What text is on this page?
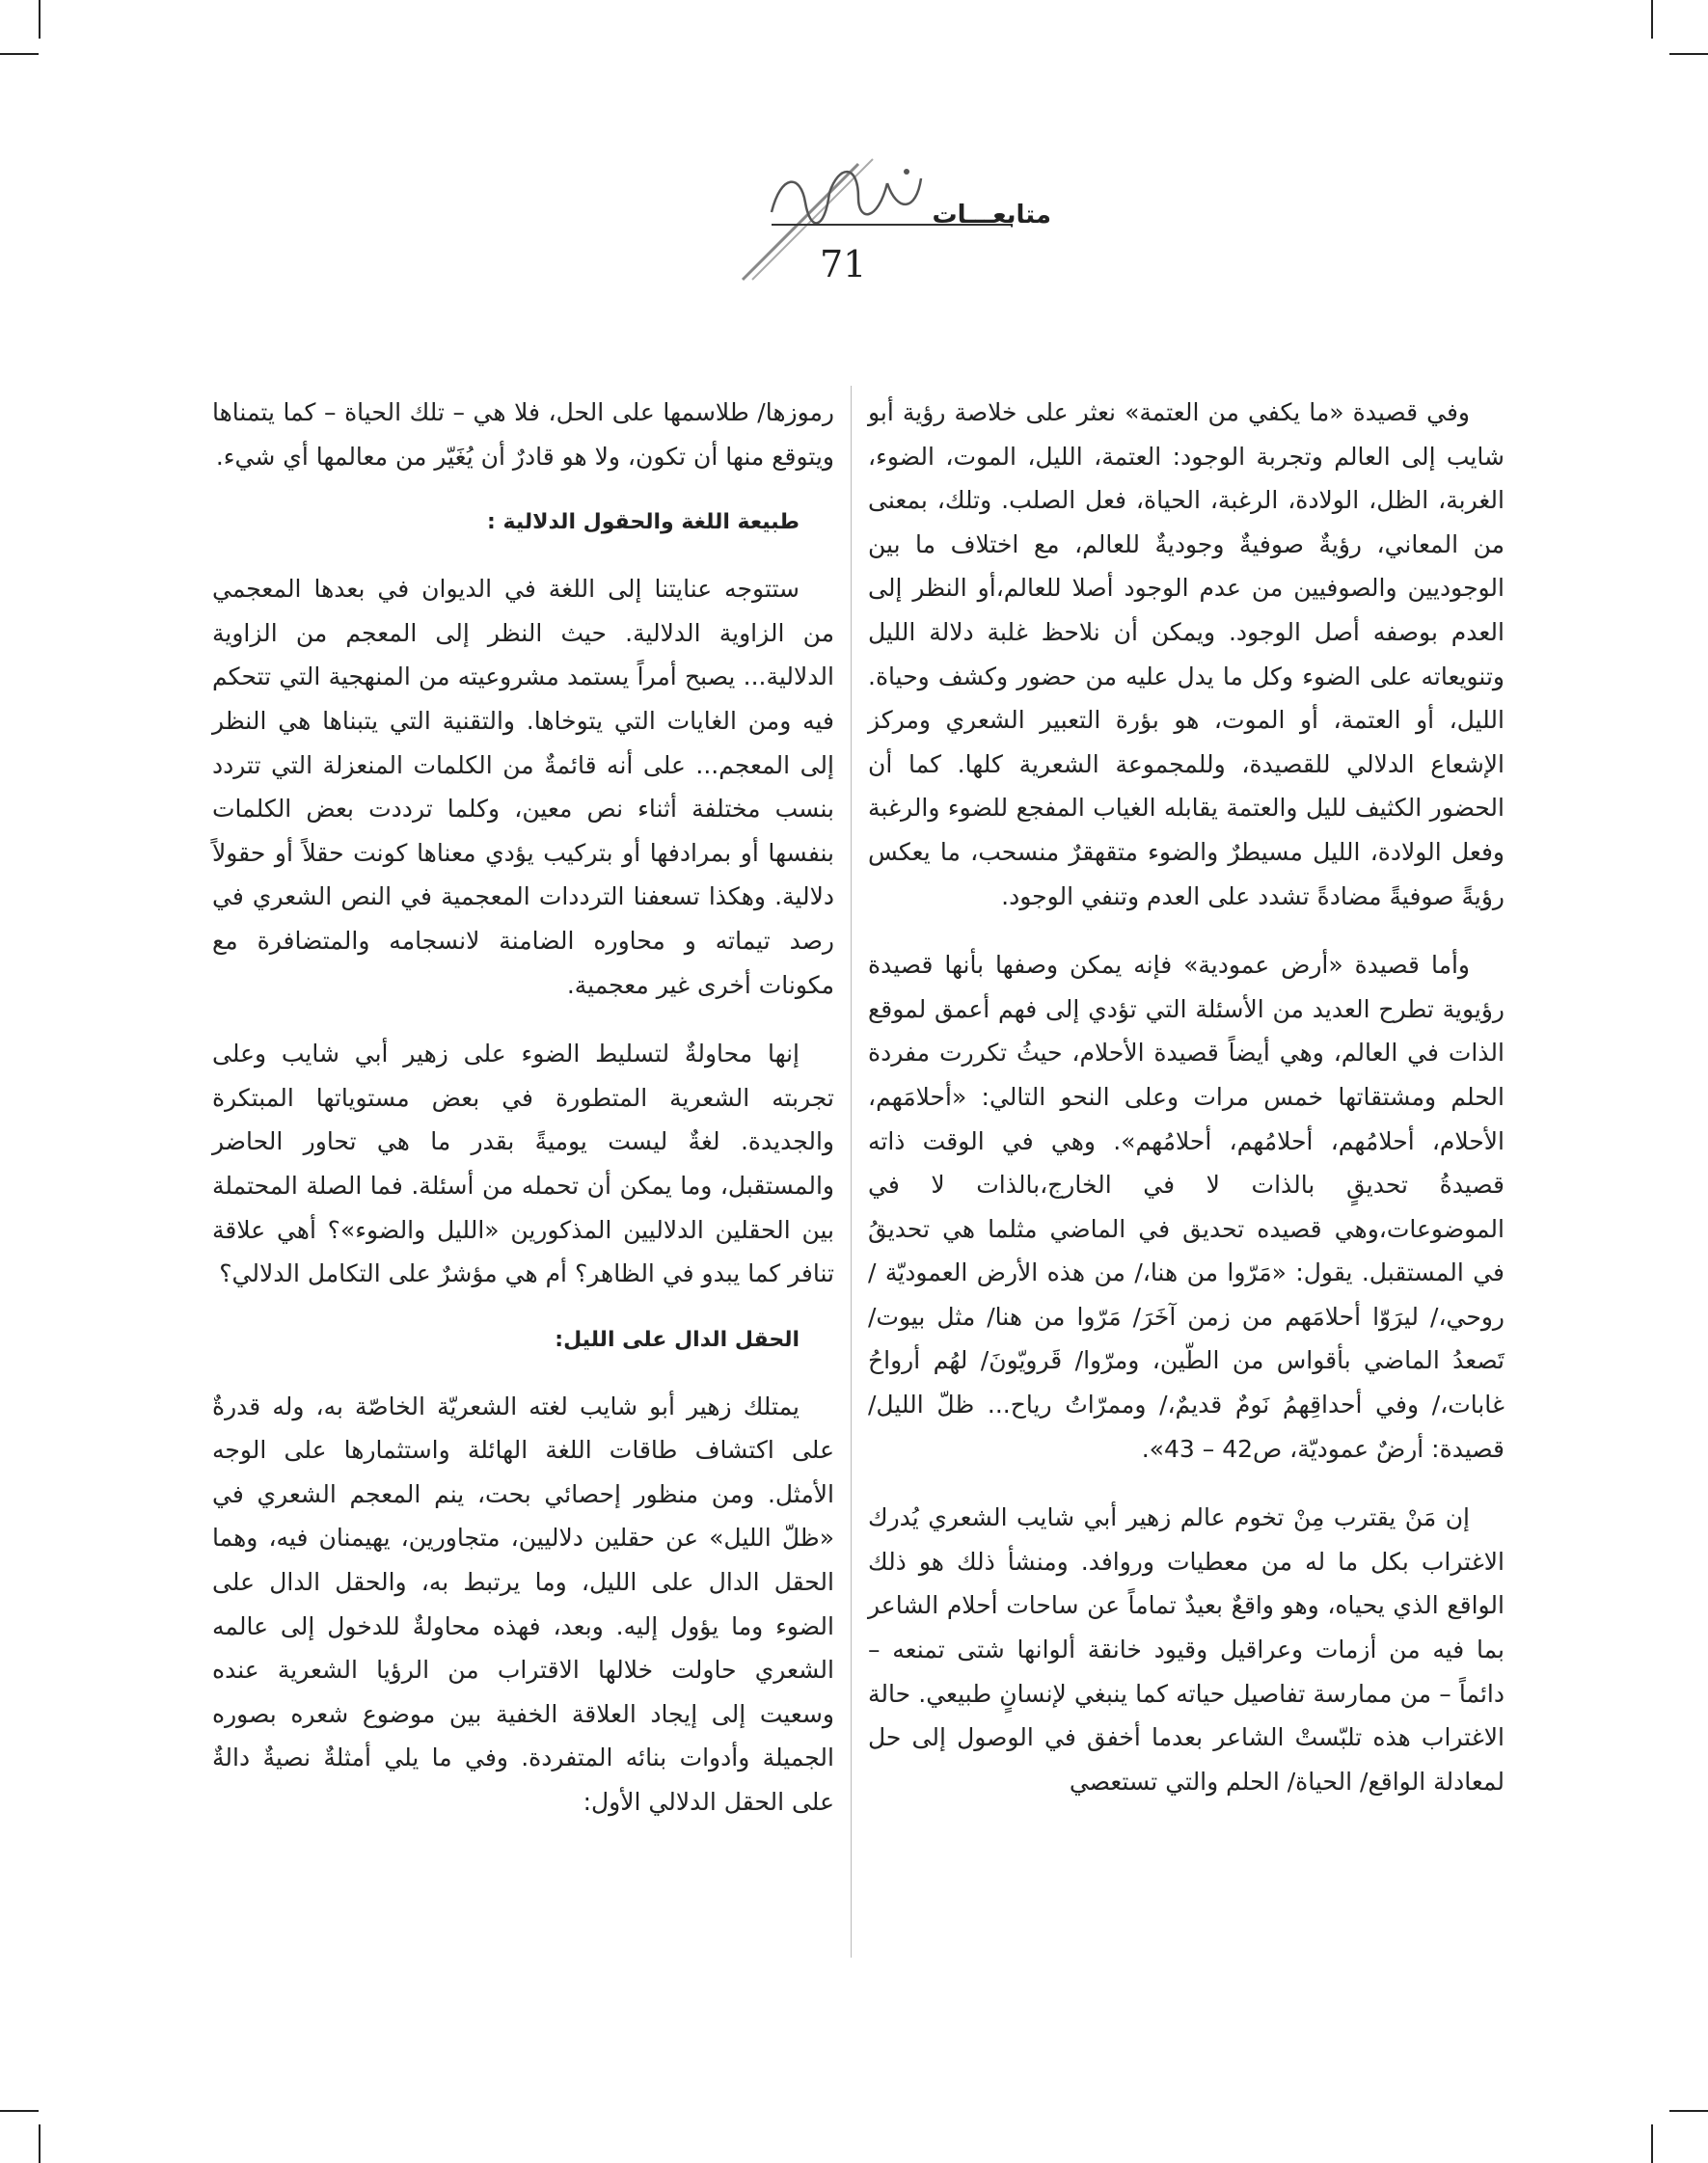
متابعـــات
71

وفي قصيدة «ما يكفي من العتمة» نعثر على خلاصة رؤية أبو شايب إلى العالم وتجربة الوجود: العتمة، الليل، الموت، الضوء، الغربة، الظل، الولادة، الرغبة، الحياة، فعل الصلب. وتلك، بمعنى من المعاني، رؤيةٌ صوفيةٌ وجوديةٌ للعالم، مع اختلاف ما بين الوجوديين والصوفيين من عدم الوجود أصلا للعالم،أو النظر إلى العدم بوصفه أصل الوجود. ويمكن أن نلاحظ غلبة دلالة الليل وتنويعاته على الضوء وكل ما يدل عليه من حضور وكشف وحياة. الليل، أو العتمة، أو الموت، هو بؤرة التعبير الشعري ومركز الإشعاع الدلالي للقصيدة، وللمجموعة الشعرية كلها. كما أن الحضور الكثيف لليل والعتمة يقابله الغياب المفجع للضوء والرغبة وفعل الولادة، الليل مسيطرٌ والضوء متقهقرٌ منسحب، ما يعكس رؤيةً صوفيةً مضادةً تشدد على العدم وتنفي الوجود.

وأما قصيدة «أرض عمودية» فإنه يمكن وصفها بأنها قصيدة رؤيوية تطرح العديد من الأسئلة التي تؤدي إلى فهم أعمق لموقع الذات في العالم، وهي أيضاً قصيدة الأحلام، حيثُ تكررت مفردة الحلم ومشتقاتها خمس مرات وعلى النحو التالي: «أحلامَهم، الأحلام، أحلامُهم، أحلامُهم، أحلامُهم». وهي في الوقت ذاته قصيدةُ تحديقٍ بالذات لا في الخارج،بالذات لا في الموضوعات،وهي قصيده تحديق في الماضي مثلما هي تحديقُ في المستقبل. يقول: «مَرّوا من هنا،/ من هذه الأرض العموديّة / روحي،/ ليرَوّا أحلامَهم من زمن آخَرَ/ مَرّوا من هنا/ مثل بيوت/ تَصعدُ الماضي بأقواس من الطّين، ومرّوا/ قَرويّونَ/ لهُم أرواحُ غابات،/ وفي أحداقِهمُ نَومٌ قديمٌ،/ وممرّاتُ رياح... ظلّ الليل/ قصيدة: أرضٌ عموديّة، ص42 – 43».

إن مَنْ يقترب مِنْ تخوم عالم زهير أبي شايب الشعري يُدرك الاغتراب بكل ما له من معطيات وروافد. ومنشأ ذلك هو ذلك الواقع الذي يحياه، وهو واقعٌ بعيدٌ تماماً عن ساحات أحلام الشاعر بما فيه من أزمات وعراقيل وقيود خانقة ألوانها شتى تمنعه – دائماً – من ممارسة تفاصيل حياته كما ينبغي لإنسانٍ طبيعي. حالة الاغتراب هذه تلبّستْ الشاعر بعدما أخفق في الوصول إلى حل لمعادلة الواقع/ الحياة/ الحلم والتي تستعصي

رموزها/ طلاسمها على الحل، فلا هي – تلك الحياة – كما يتمناها ويتوقع منها أن تكون، ولا هو قادرٌ أن يُغَيّر من معالمها أي شيء.

طبيعة اللغة والحقول الدلالية :

ستتوجه عنايتنا إلى اللغة في الديوان في بعدها المعجمي من الزاوية الدلالية. حيث النظر إلى المعجم من الزاوية الدلالية... يصبح أمراً يستمد مشروعيته من المنهجية التي تتحكم فيه ومن الغايات التي يتوخاها. والتقنية التي يتبناها هي النظر إلى المعجم... على أنه قائمةٌ من الكلمات المنعزلة التي تتردد بنسب مختلفة أثناء نص معين، وكلما ترددت بعض الكلمات بنفسها أو بمرادفها أو بتركيب يؤدي معناها كونت حقلاً أو حقولاً دلالية. وهكذا تسعفنا الترددات المعجمية في النص الشعري في رصد تيماته و محاوره الضامنة لانسجامه والمتضافرة مع مكونات أخرى غير معجمية.

إنها محاولةٌ لتسليط الضوء على زهير أبي شايب وعلى تجربته الشعرية المتطورة في بعض مستوياتها المبتكرة والجديدة. لغةٌ ليست يوميةً بقدر ما هي تحاور الحاضر والمستقبل، وما يمكن أن تحمله من أسئلة. فما الصلة المحتملة بين الحقلين الدلاليين المذكورين «الليل والضوء»؟ أهي علاقة تنافر كما يبدو في الظاهر؟ أم هي مؤشرٌ على التكامل الدلالي؟

الحقل الدال على الليل:

يمتلك زهير أبو شايب لغته الشعريّة الخاصّة به، وله قدرةٌ على اكتشاف طاقات اللغة الهائلة واستثمارها على الوجه الأمثل. ومن منظور إحصائي بحت، ينم المعجم الشعري في «ظلّ الليل» عن حقلين دلاليين، متجاورين، يهيمنان فيه، وهما الحقل الدال على الليل، وما يرتبط به، والحقل الدال على الضوء وما يؤول إليه. وبعد، فهذه محاولةٌ للدخول إلى عالمه الشعري حاولت خلالها الاقتراب من الرؤيا الشعرية عنده وسعيت إلى إيجاد العلاقة الخفية بين موضوع شعره بصوره الجميلة وأدوات بنائه المتفردة. وفي ما يلي أمثلةٌ نصيةٌ دالةٌ على الحقل الدلالي الأول:
